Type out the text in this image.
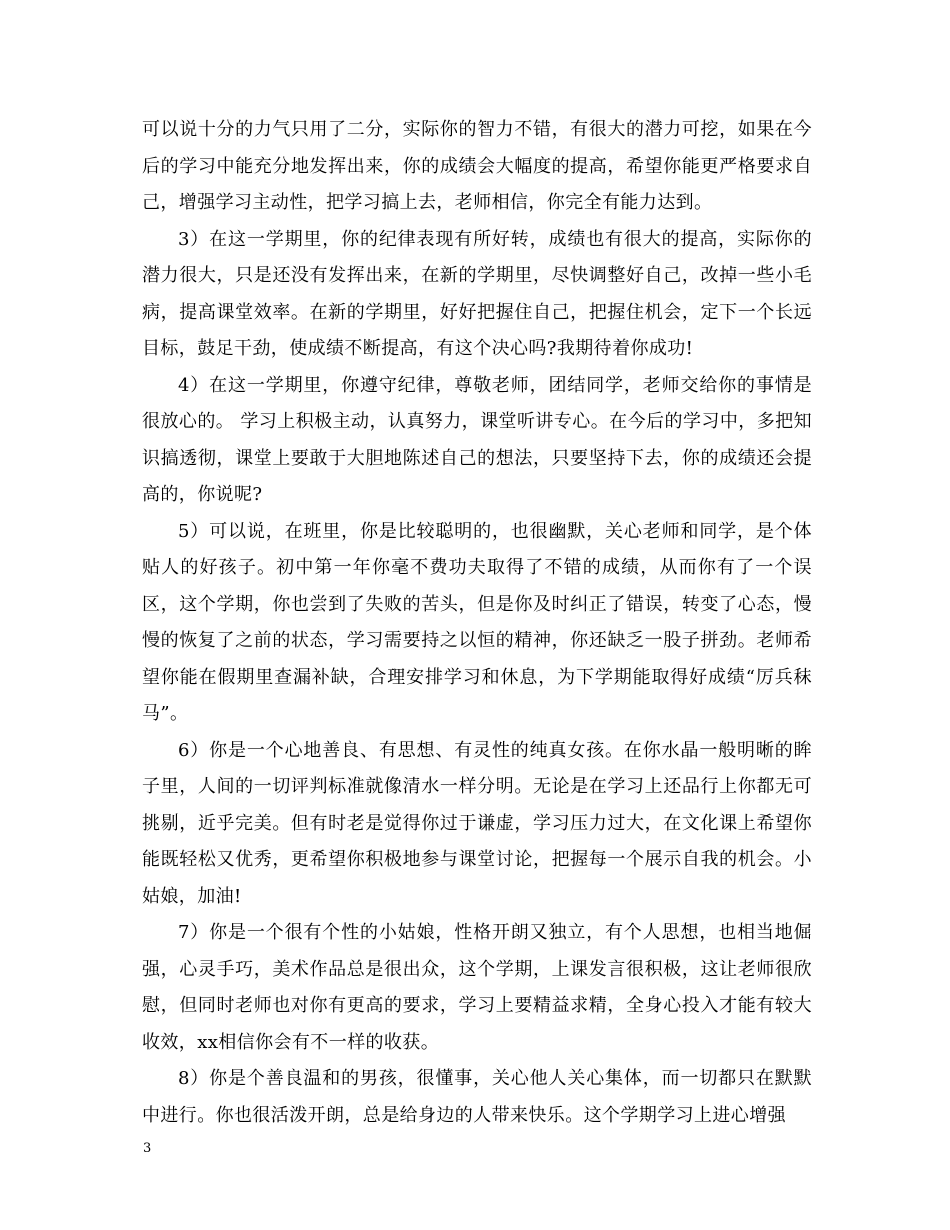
可以说十分的力气只用了二分，实际你的智力不错，有很大的潜力可挖，如果在今后的学习中能充分地发挥出来，你的成绩会大幅度的提高，希望你能更严格要求自己，增强学习主动性，把学习搞上去，老师相信，你完全有能力达到。

3）在这一学期里，你的纪律表现有所好转，成绩也有很大的提高，实际你的潜力很大，只是还没有发挥出来，在新的学期里，尽快调整好自己，改掉一些小毛病，提高课堂效率。在新的学期里，好好把握住自己，把握住机会，定下一个长远目标，鼓足干劲，使成绩不断提高，有这个决心吗?我期待着你成功!

4）在这一学期里，你遵守纪律，尊敬老师，团结同学，老师交给你的事情是很放心的。 学习上积极主动，认真努力，课堂听讲专心。在今后的学习中，多把知识搞透彻，课堂上要敢于大胆地陈述自己的想法，只要坚持下去，你的成绩还会提高的，你说呢?

5）可以说，在班里，你是比较聪明的，也很幽默，关心老师和同学，是个体贴人的好孩子。初中第一年你毫不费功夫取得了不错的成绩，从而你有了一个误区，这个学期，你也尝到了失败的苦头，但是你及时纠正了错误，转变了心态，慢慢的恢复了之前的状态，学习需要持之以恒的精神，你还缺乏一股子拼劲。老师希望你能在假期里查漏补缺，合理安排学习和休息，为下学期能取得好成绩“厉兵秣马”。

6）你是一个心地善良、有思想、有灵性的纯真女孩。在你水晶一般明晰的眸子里，人间的一切评判标准就像清水一样分明。无论是在学习上还品行上你都无可挑剔，近乎完美。但有时老是觉得你过于谦虚，学习压力过大，在文化课上希望你能既轻松又优秀，更希望你积极地参与课堂讨论，把握每一个展示自我的机会。小姑娘，加油!

7）你是一个很有个性的小姑娘，性格开朗又独立，有个人思想，也相当地倔强，心灵手巧，美术作品总是很出众，这个学期，上课发言很积极，这让老师很欣慰，但同时老师也对你有更高的要求，学习上要精益求精，全身心投入才能有较大收效，xx相信你会有不一样的收获。

8）你是个善良温和的男孩，很懂事，关心他人关心集体，而一切都只在默默中进行。你也很活泼开朗，总是给身边的人带来快乐。这个学期学习上进心增强

3
